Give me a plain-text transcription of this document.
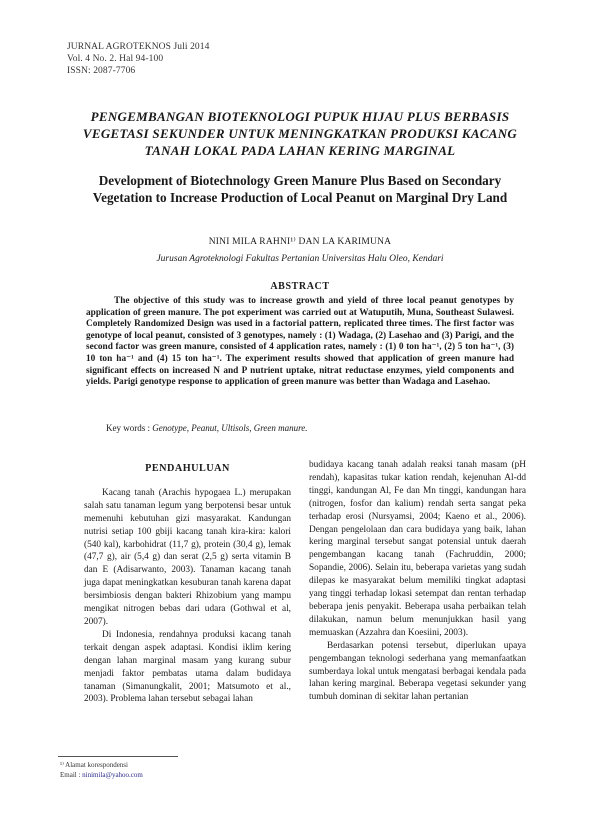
JURNAL AGROTEKNOS Juli 2014
Vol. 4 No. 2. Hal 94-100
ISSN: 2087-7706
PENGEMBANGAN BIOTEKNOLOGI PUPUK HIJAU PLUS BERBASIS VEGETASI SEKUNDER UNTUK MENINGKATKAN PRODUKSI KACANG TANAH LOKAL PADA LAHAN KERING MARGINAL
Development of Biotechnology Green Manure Plus Based on Secondary Vegetation to Increase Production of Local Peanut on Marginal Dry Land
NINI MILA RAHNI¹⁾ DAN LA KARIMUNA
Jurusan Agroteknologi Fakultas Pertanian Universitas Halu Oleo, Kendari
ABSTRACT
The objective of this study was to increase growth and yield of three local peanut genotypes by application of green manure. The pot experiment was carried out at Watuputih, Muna, Southeast Sulawesi. Completely Randomized Design was used in a factorial pattern, replicated three times. The first factor was genotype of local peanut, consisted of 3 genotypes, namely : (1) Wadaga, (2) Lasehao and (3) Parigi, and the second factor was green manure, consisted of 4 application rates, namely : (1) 0 ton ha⁻¹, (2) 5 ton ha⁻¹, (3) 10 ton ha⁻¹ and (4) 15 ton ha⁻¹. The experiment results showed that application of green manure had significant effects on increased N and P nutrient uptake, nitrat reductase enzymes, yield components and yields. Parigi genotype response to application of green manure was better than Wadaga and Lasehao.
Key words : Genotype, Peanut, Ultisols, Green manure.
PENDAHULUAN

Kacang tanah (Arachis hypogaea L.) merupakan salah satu tanaman legum yang berpotensi besar untuk memenuhi kebutuhan gizi masyarakat. Kandungan nutrisi setiap 100 gbiji kacang tanah kira-kira: kalori (540 kal), karbohidrat (11,7 g), protein (30,4 g), lemak (47,7 g), air (5,4 g) dan serat (2,5 g) serta vitamin B dan E (Adisarwanto, 2003). Tanaman kacang tanah juga dapat meningkatkan kesuburan tanah karena dapat bersimbiosis dengan bakteri Rhizobium yang mampu mengikat nitrogen bebas dari udara (Gothwal et al, 2007).

Di Indonesia, rendahnya produksi kacang tanah terkait dengan aspek adaptasi. Kondisi iklim kering dengan lahan marginal masam yang kurang subur menjadi faktor pembatas utama dalam budidaya tanaman (Simanungkalit, 2001; Matsumoto et al., 2003). Problema lahan tersebut sebagai lahan

budidaya kacang tanah adalah reaksi tanah masam (pH rendah), kapasitas tukar kation rendah, kejenuhan Al-dd tinggi, kandungan Al, Fe dan Mn tinggi, kandungan hara (nitrogen, fosfor dan kalium) rendah serta sangat peka terhadap erosi (Nursyamsi, 2004; Kaeno et al., 2006). Dengan pengelolaan dan cara budidaya yang baik, lahan kering marginal tersebut sangat potensial untuk daerah pengembangan kacang tanah (Fachruddin, 2000; Sopandie, 2006). Selain itu, beberapa varietas yang sudah dilepas ke masyarakat belum memiliki tingkat adaptasi yang tinggi terhadap lokasi setempat dan rentan terhadap beberapa jenis penyakit. Beberapa usaha perbaikan telah dilakukan, namun belum menunjukkan hasil yang memuaskan (Azzahra dan Koesiini, 2003).

Berdasarkan potensi tersebut, diperlukan upaya pengembangan teknologi sederhana yang memanfaatkan sumberdaya lokal untuk mengatasi berbagai kendala pada lahan kering marginal. Beberapa vegetasi sekunder yang tumbuh dominan di sekitar lahan pertanian

¹⁾ Alamat korespondensi
Email : ninimila@yahoo.com
